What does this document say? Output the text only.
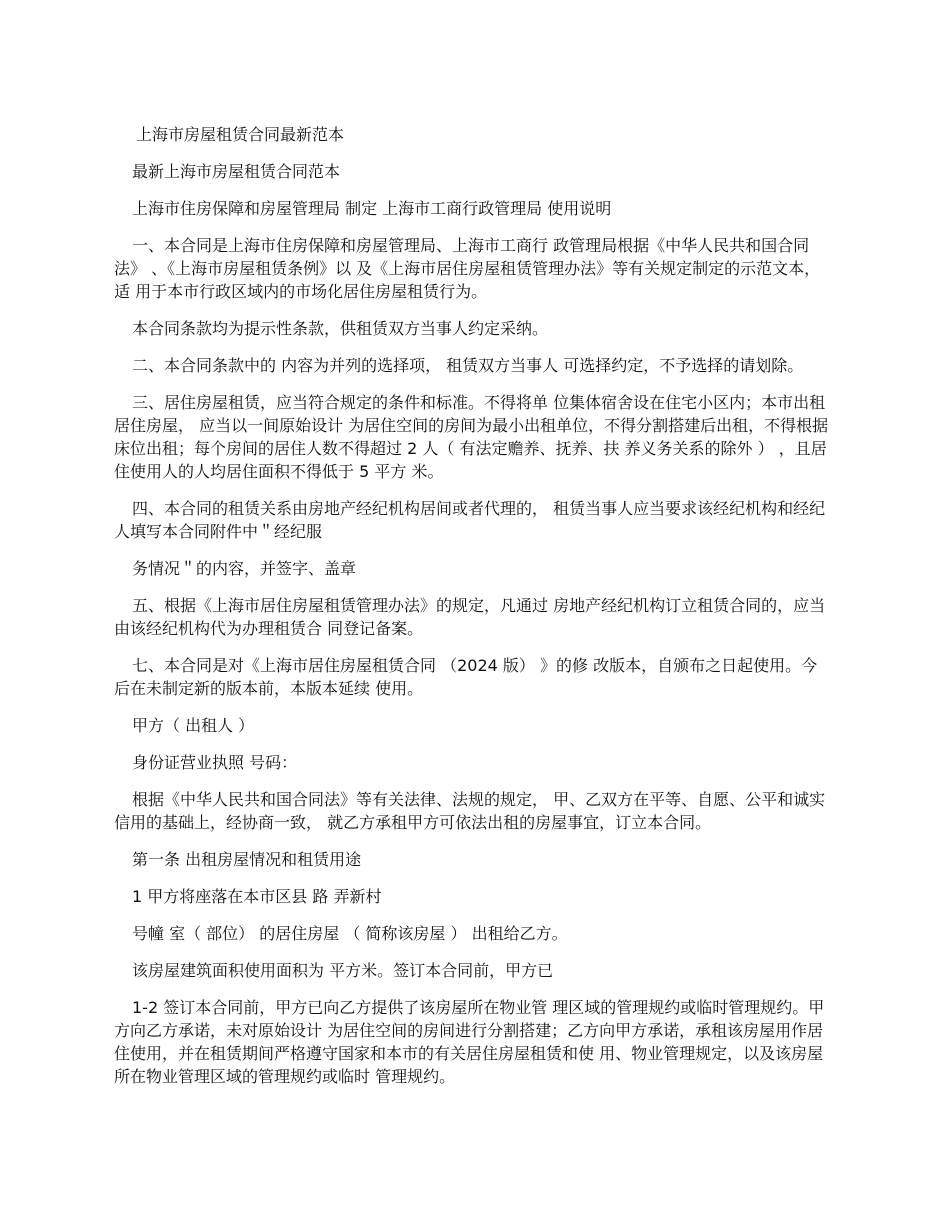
上海市房屋租赁合同最新范本

最新上海市房屋租赁合同范本

上海市住房保障和房屋管理局 制定 上海市工商行政管理局 使用说明

一、本合同是上海市住房保障和房屋管理局、上海市工商行 政管理局根据《中华人民共和国合同法》 、《上海市房屋租赁条例》以 及《上海市居住房屋租赁管理办法》等有关规定制定的示范文本，适 用于本市行政区域内的市场化居住房屋租赁行为。

本合同条款均为提示性条款，供租赁双方当事人约定采纳。

二、本合同条款中的 内容为并列的选择项， 租赁双方当事人 可选择约定，不予选择的请划除。

三、居住房屋租赁，应当符合规定的条件和标准。不得将单 位集体宿舍设在住宅小区内；本市出租居住房屋， 应当以一间原始设计 为居住空间的房间为最小出租单位，不得分割搭建后出租，不得根据 床位出租；每个房间的居住人数不得超过 2 人（ 有法定赡养、抚养、扶 养义务关系的除外 ） ，且居住使用人的人均居住面积不得低于 5 平方 米。

四、本合同的租赁关系由房地产经纪机构居间或者代理的， 租赁当事人应当要求该经纪机构和经纪人填写本合同附件中＂经纪服

务情况＂的内容，并签字、盖章

五、根据《上海市居住房屋租赁管理办法》的规定，凡通过 房地产经纪机构订立租赁合同的，应当由该经纪机构代为办理租赁合 同登记备案。

七、本合同是对《上海市居住房屋租赁合同 （2024 版） 》的修 改版本，自颁布之日起使用。今后在未制定新的版本前，本版本延续 使用。

甲方（ 出租人 ）

身份证营业执照 号码：

根据《中华人民共和国合同法》等有关法律、法规的规定， 甲、乙双方在平等、自愿、公平和诚实信用的基础上，经协商一致， 就乙方承租甲方可依法出租的房屋事宜，订立本合同。

第一条 出租房屋情况和租赁用途

1 甲方将座落在本市区县 路 弄新村

号幢 室（ 部位） 的居住房屋 （ 简称该房屋 ） 出租给乙方。

该房屋建筑面积使用面积为 平方米。签订本合同前，甲方已

1-2 签订本合同前，甲方已向乙方提供了该房屋所在物业管 理区域的管理规约或临时管理规约。甲方向乙方承诺，未对原始设计 为居住空间的房间进行分割搭建；乙方向甲方承诺，承租该房屋用作居 住使用，并在租赁期间严格遵守国家和本市的有关居住房屋租赁和使 用、物业管理规定，以及该房屋所在物业管理区域的管理规约或临时 管理规约。
